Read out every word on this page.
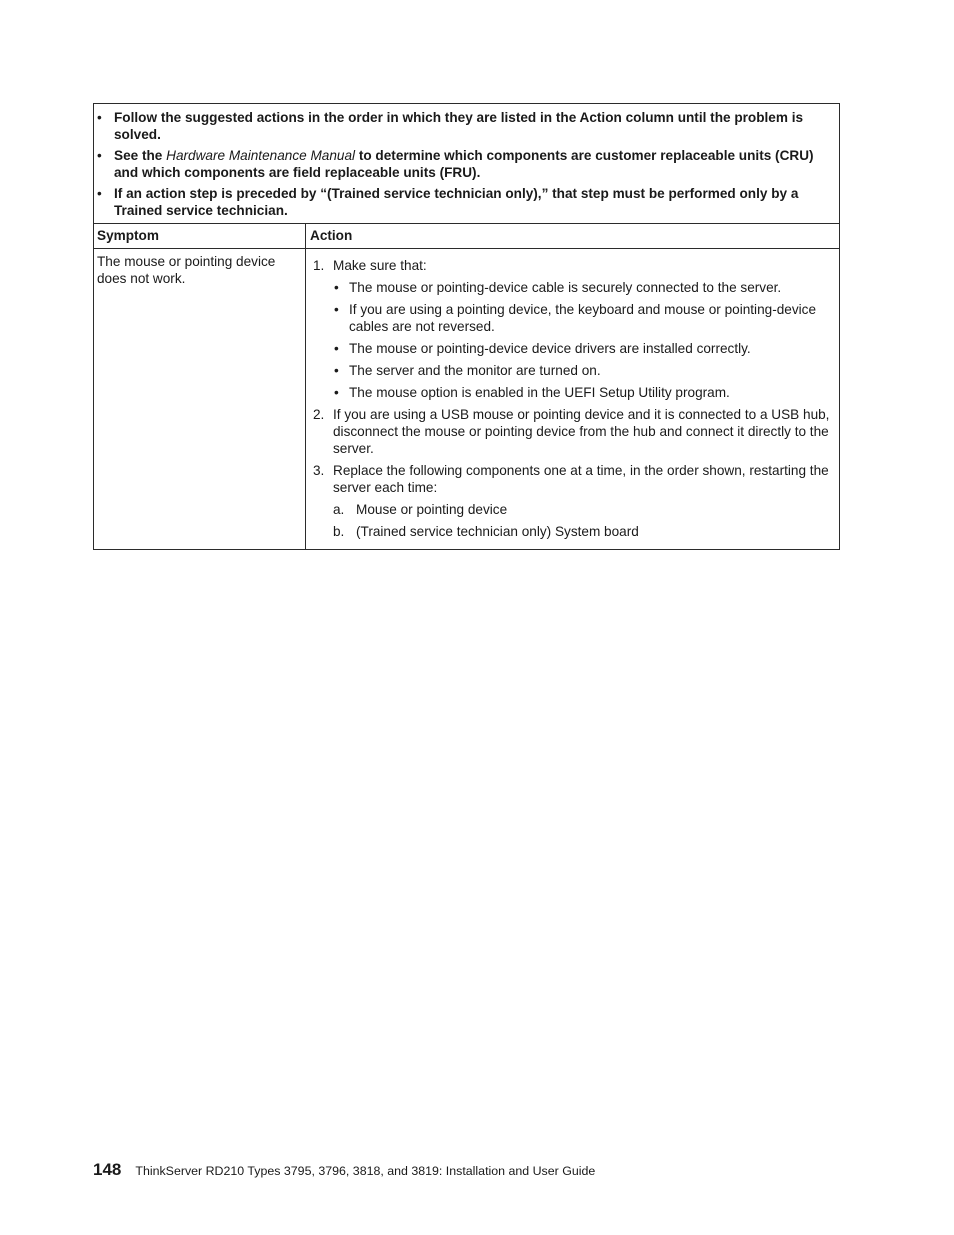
• Follow the suggested actions in the order in which they are listed in the Action column until the problem is solved.
• See the Hardware Maintenance Manual to determine which components are customer replaceable units (CRU) and which components are field replaceable units (FRU).
• If an action step is preceded by “(Trained service technician only),” that step must be performed only by a Trained service technician.
Symptom	Action
The mouse or pointing device does not work.
1. Make sure that:
• The mouse or pointing-device cable is securely connected to the server.
• If you are using a pointing device, the keyboard and mouse or pointing-device cables are not reversed.
• The mouse or pointing-device device drivers are installed correctly.
• The server and the monitor are turned on.
• The mouse option is enabled in the UEFI Setup Utility program.
2. If you are using a USB mouse or pointing device and it is connected to a USB hub, disconnect the mouse or pointing device from the hub and connect it directly to the server.
3. Replace the following components one at a time, in the order shown, restarting the server each time:
a. Mouse or pointing device
b. (Trained service technician only) System board
148 ThinkServer RD210 Types 3795, 3796, 3818, and 3819: Installation and User Guide
